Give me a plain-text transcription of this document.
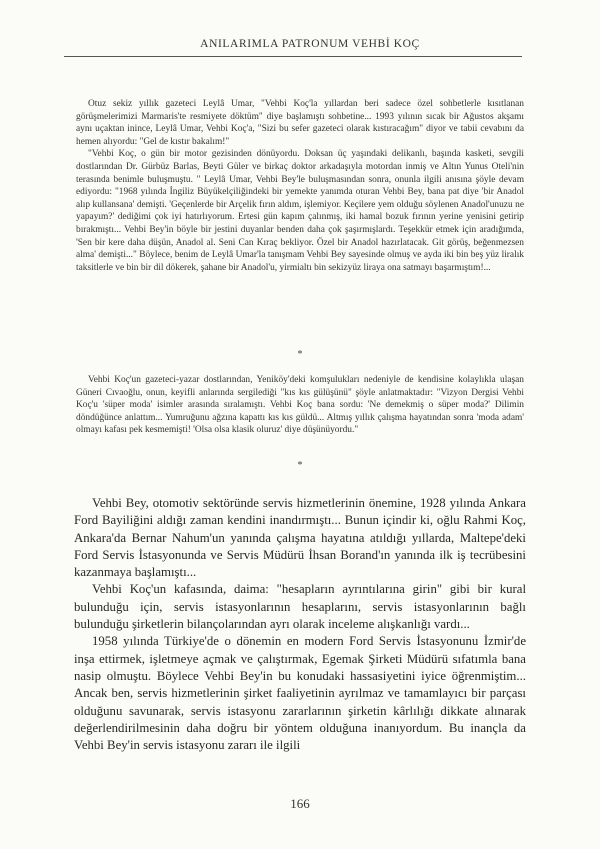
ANILARIMLA PATRONUM VEHBİ KOÇ

Otuz sekiz yıllık gazeteci Leylâ Umar, "Vehbi Koç'la yıllardan beri sadece özel sohbetlerle kısıtlanan görüşmelerimizi Marmaris'te resmiyete döktüm" diye başlamıştı sohbetine... 1993 yılının sıcak bir Ağustos akşamı aynı uçaktan inince, Leylâ Umar, Vehbi Koç'a, "Sizi bu sefer gazeteci olarak kıstıracağım" diyor ve tabii cevabını da hemen alıyordu: "Gel de kıstır bakalım!"

"Vehbi Koç, o gün bir motor gezisinden dönüyordu. Doksan üç yaşındaki delikanlı, başında kasketi, sevgili dostlarından Dr. Gürbüz Barlas, Beyti Güler ve birkaç doktor arkadaşıyla motordan inmiş ve Altın Yunus Oteli'nin terasında benimle buluşmuştu. " Leylâ Umar, Vehbi Bey'le buluşmasından sonra, onunla ilgili anısına şöyle devam ediyordu: "1968 yılında İngiliz Büyükelçiliğindeki bir yemekte yanımda oturan Vehbi Bey, bana pat diye 'bir Anadol alıp kullansana' demişti. 'Geçenlerde bir Arçelik fırın aldım, işlemiyor. Keçilere yem olduğu söylenen Anadol'unuzu ne yapayım?' dediğimi çok iyi hatırlıyorum. Ertesi gün kapım çalınmış, iki hamal bozuk fırının yerine yenisini getirip bırakmıştı... Vehbi Bey'in böyle bir jestini duyanlar benden daha çok şaşırmışlardı. Teşekkür etmek için aradığımda, 'Sen bir kere daha düşün, Anadol al. Seni Can Kıraç bekliyor. Özel bir Anadol hazırlatacak. Git görüş, beğenmezsen alma' demişti..." Böylece, benim de Leylâ Umar'la tanışmam Vehbi Bey sayesinde olmuş ve ayda iki bin beş yüz liralık taksitlerle ve bin bir dil dökerek, şahane bir Anadol'u, yirmialtı bin sekizyüz liraya ona satmayı başarmıştım!...

*

Vehbi Koç'un gazeteci-yazar dostlarından, Yeniköy'deki komşulukları nedeniyle de kendisine kolaylıkla ulaşan Güneri Cıvaoğlu, onun, keyifli anlarında sergilediği "kıs kıs gülüşünü" şöyle anlatmaktadır: "Vizyon Dergisi Vehbi Koç'u 'süper moda' isimler arasında sıralamıştı. Vehbi Koç bana sordu: 'Ne demekmiş o süper moda?' Dilimin döndüğünce anlattım... Yumruğunu ağzına kapattı kıs kıs güldü... Altmış yıllık çalışma hayatından sonra 'moda adam' olmayı kafası pek kesmemişti! 'Olsa olsa klasik oluruz' diye düşünüyordu."

*

Vehbi Bey, otomotiv sektöründe servis hizmetlerinin önemine, 1928 yılında Ankara Ford Bayiliğini aldığı zaman kendini inandırmıştı... Bunun içindir ki, oğlu Rahmi Koç, Ankara'da Bernar Nahum'un yanında çalışma hayatına atıldığı yıllarda, Maltepe'deki Ford Servis İstasyonunda ve Servis Müdürü İhsan Borand'ın yanında ilk iş tecrübesini kazanmaya başlamıştı...

Vehbi Koç'un kafasında, daima: "hesapların ayrıntılarına girin" gibi bir kural bulunduğu için, servis istasyonlarının hesaplarını, servis istasyonlarının bağlı bulunduğu şirketlerin bilançolarından ayrı olarak inceleme alışkanlığı vardı...

1958 yılında Türkiye'de o dönemin en modern Ford Servis İstasyonunu İzmir'de inşa ettirmek, işletmeye açmak ve çalıştırmak, Egemak Şirketi Müdürü sıfatımla bana nasip olmuştu. Böylece Vehbi Bey'in bu konudaki hassasiyetini iyice öğrenmiştim... Ancak ben, servis hizmetlerinin şirket faaliyetinin ayrılmaz ve tamamlayıcı bir parçası olduğunu savunarak, servis istasyonu zararlarının şirketin kârlılığı dikkate alınarak değerlendirilmesinin daha doğru bir yöntem olduğuna inanıyordum. Bu inançla da Vehbi Bey'in servis istasyonu zararı ile ilgili

166
